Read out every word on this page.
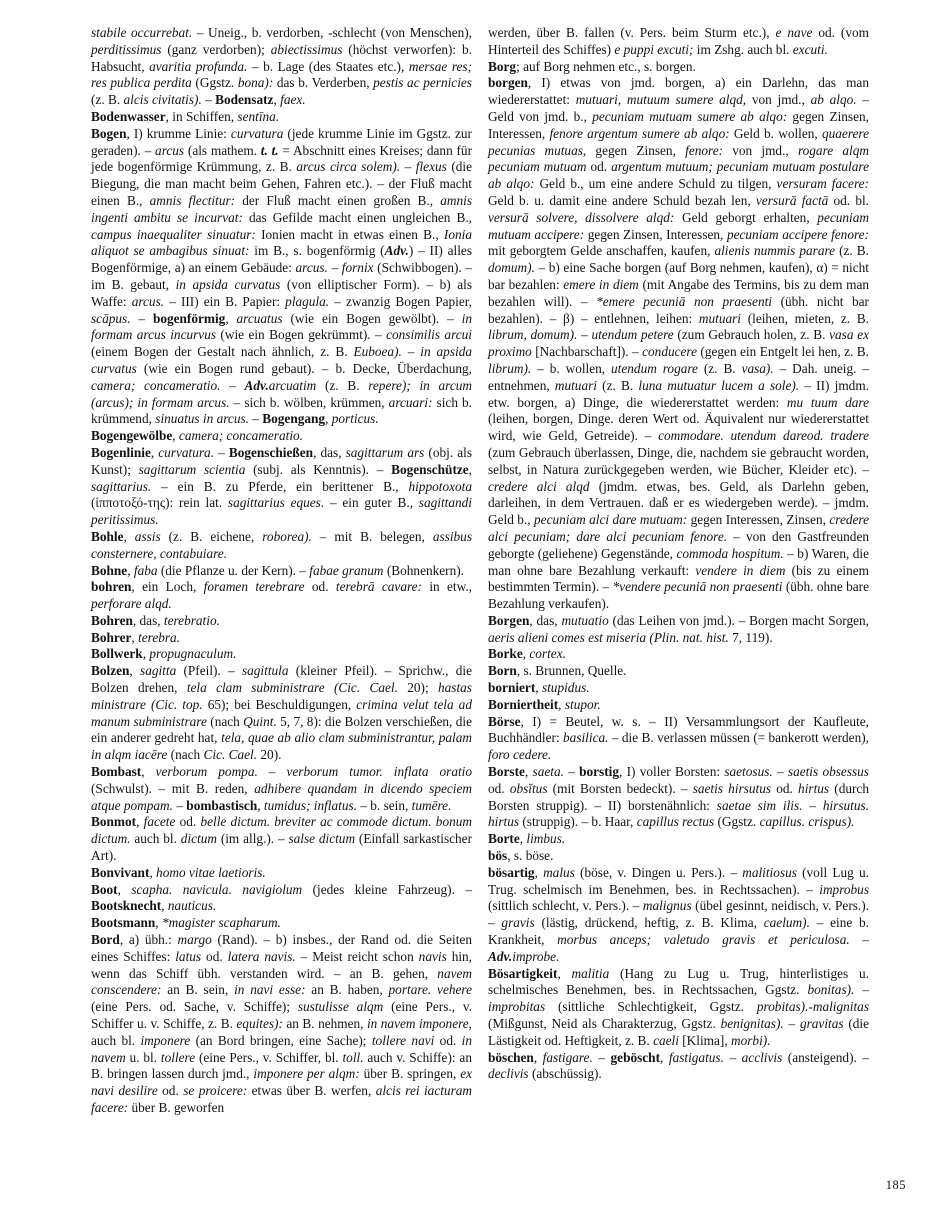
stabile occurrebat. – Uneig., b. verdorben, -schlecht (von Menschen), perditissimus (ganz verdorben); abiectissimus (höchst verworfen): b. Habsucht, avaritia profunda. – b. Lage (des Staates etc.), mersae res; res publica perdita (Ggstz. bona): das b. Verderben, pestis ac pernicies (z. B. alcis civitatis). – Bodensatz, faex.

Bodenwasser, in Schiffen, sentīna.

Bogen, I) krumme Linie: curvatura (jede krumme Linie im Ggstz. zur geraden). – arcus (als mathem. t. t. = Abschnitt eines Kreises; dann für jede bogenförmige Krümmung, z. B. arcus circa solem). – flexus (die Biegung, die man macht beim Gehen, Fahren etc.). – der Fluß macht einen B., amnis flectitur: der Fluß macht einen großen B., amnis ingenti ambitu se incurvat: das Gefilde macht einen ungleichen B., campus inaequaliter sinuatur: Ionien macht in etwas einen B., Ionia aliquot se ambagibus sinuat: im B., s. bogenförmig (Adv.) – II) alles Bogenförmige, a) an einem Gebäude: arcus. – fornix (Schwibbogen). – im B. gebaut, in apsida curvatus (von elliptischer Form). – b) als Waffe: arcus. – III) ein B. Papier: plagula. – zwanzig Bogen Papier, scāpus. – bogenförmig, arcuatus (wie ein Bogen gewölbt). – in formam arcus incurvus (wie ein Bogen gekrümmt). – consimilis arcui (einem Bogen der Gestalt nach ähnlich, z. B. Euboea). – in apsida curvatus (wie ein Bogen rund gebaut). – b. Decke, Überdachung, camera; concameratio. – Adv.arcuatim (z. B. repere); in arcum (arcus); in formam arcus. – sich b. wölben, krümmen, arcuari: sich b. krümmend, sinuatus in arcus. – Bogengang, porticus.

Bogengewölbe, camera; concameratio.

Bogenlinie, curvatura. – Bogenschießen, das, sagittarum ars (obj. als Kunst); sagittarum scientia (subj. als Kenntnis). – Bogenschütze, sagittarius. – ein B. zu Pferde, ein berittener B., hippotoxota (ἱπποτοξό-της): rein lat. sagittarius eques. – ein guter B., sagittandi peritissimus.

Bohle, assis (z. B. eichene, roborea). – mit B. belegen, assibus consternere, contabuiare.

Bohne, faba (die Pflanze u. der Kern). – fabae granum (Bohnenkern).

bohren, ein Loch, foramen terebrare od. terebrā cavare: in etw., perforare alqd.

Bohren, das, terebratio.

Bohrer, terebra.

Bollwerk, propugnaculum.

Bolzen, sagitta (Pfeil). – sagittula (kleiner Pfeil). – Sprichw., die Bolzen drehen, tela clam subministrare (Cic. Cael. 20); hastas ministrare (Cic. top. 65); bei Beschuldigungen, crimina velut tela ad manum subministrare (nach Quint. 5, 7, 8): die Bolzen verschießen, die ein anderer gedreht hat, tela, quae ab alio clam subministrantur, palam in alqm iacēre (nach Cic. Cael. 20).

Bombast, verborum pompa. – verborum tumor. inflata oratio (Schwulst). – mit B. reden, adhibere quandam in dicendo speciem atque pompam. – bombastisch, tumidus; inflatus. – b. sein, tumēre.

Bonmot, facete od. belle dictum. breviter ac commode dictum. bonum dictum. auch bl. dictum (im allg.). – salse dictum (Einfall sarkastischer Art).

Bonvivant, homo vitae laetioris.

Boot, scapha. navicula. navigiolum (jedes kleine Fahrzeug). – Bootsknecht, nauticus.

Bootsmann, *magister scapharum.

Bord, a) übh.: margo (Rand). – b) insbes., der Rand od. die Seiten eines Schiffes: latus od. latera navis. – Meist reicht schon navis hin, wenn das Schiff übh. verstanden wird. – an B. gehen, navem conscendere: an B. sein, in navi esse: an B. haben, portare. vehere (eine Pers. od. Sache, v. Schiffe); sustulisse alqm (eine Pers., v. Schiffer u. v. Schiffe, z. B. equites): an B. nehmen, in navem imponere, auch bl. imponere (an Bord bringen, eine Sache); tollere navi od. in navem u. bl. tollere (eine Pers., v. Schiffer, bl. toll. auch v. Schiffe): an B. bringen lassen durch jmd., imponere per alqm: über B. springen, ex navi desilire od. se proicere: etwas über B. werfen, alcis rei iacturam facere: über B. geworfen

werden, über B. fallen (v. Pers. beim Sturm etc.), e nave od. (vom Hinterteil des Schiffes) e puppi excuti; im Zshg. auch bl. excuti.

Borg; auf Borg nehmen etc., s. borgen.

borgen, I) etwas von jmd. borgen, a) ein Darlehn, das man wiedererstattet: mutuari, mutuum sumere alqd, von jmd., ab alqo. – Geld von jmd. b., pecuniam mutuam sumere ab alqo: gegen Zinsen, Interessen, fenore argentum sumere ab alqo: Geld b. wollen, quaerere pecunias mutuas, gegen Zinsen, fenore: von jmd., rogare alqm pecuniam mutuam od. argentum mutuum; pecuniam mutuam postulare ab alqo: Geld b., um eine andere Schuld zu tilgen, versuram facere: Geld b. u. damit eine andere Schuld bezah len, versurā factā od. bl. versurā solvere, dissolvere alqd: Geld geborgt erhalten, pecuniam mutuam accipere: gegen Zinsen, Interessen, pecuniam accipere fenore: mit geborgtem Gelde anschaffen, kaufen, alienis nummis parare (z. B. domum). – b) eine Sache borgen (auf Borg nehmen, kaufen), α) = nicht bar bezahlen: emere in diem (mit Angabe des Termins, bis zu dem man bezahlen will). – *emere pecuniā non praesenti (übh. nicht bar bezahlen). – β) – entlehnen, leihen: mutuari (leihen, mieten, z. B. librum, domum). – utendum petere (zum Gebrauch holen, z. B. vasa ex proximo [Nachbarschaft]). – conducere (gegen ein Entgelt lei hen, z. B. librum). – b. wollen, utendum rogare (z. B. vasa). – Dah. uneig. – entnehmen, mutuari (z. B. luna mutuatur lucem a sole). – II) jmdm. etw. borgen, a) Dinge, die wiedererstattet werden: mu tuum dare (leihen, borgen, Dinge. deren Wert od. Äquivalent nur wiedererstattet wird, wie Geld, Getreide). – commodare. utendum dareod. tradere (zum Gebrauch überlassen, Dinge, die, nachdem sie gebraucht worden, selbst, in Natura zurückgegeben werden, wie Bücher, Kleider etc). – credere alci alqd (jmdm. etwas, bes. Geld, als Darlehn geben, darleihen, in dem Vertrauen. daß er es wiedergeben werde). – jmdm. Geld b., pecuniam alci dare mutuam: gegen Interessen, Zinsen, credere alci pecuniam; dare alci pecuniam fenore. – von den Gastfreunden geborgte (geliehene) Gegenstände, commoda hospitum. – b) Waren, die man ohne bare Bezahlung verkauft: vendere in diem (bis zu einem bestimmten Termin). – *vendere pecuniā non praesenti (übh. ohne bare Bezahlung verkaufen).

Borgen, das, mutuatio (das Leihen von jmd.). – Borgen macht Sorgen, aeris alieni comes est miseria (Plin. nat. hist. 7, 119).

Borke, cortex.

Born, s. Brunnen, Quelle.

borniert, stupidus.

Borniertheit, stupor.

Börse, I) = Beutel, w. s. – II) Versammlungsort der Kaufleute, Buchhändler: basilica. – die B. verlassen müssen (= bankerott werden), foro cedere.

Borste, saeta. – borstig, I) voller Borsten: saetosus. – saetis obsessus od. obsĭtus (mit Borsten bedeckt). – saetis hirsutus od. hirtus (durch Borsten struppig). – II) borstenähnlich: saetae sim ilis. – hirsutus. hirtus (struppig). – b. Haar, capillus rectus (Ggstz. capillus. crispus).

Borte, limbus.

bös, s. böse.

bösartig, malus (böse, v. Dingen u. Pers.). – malitiosus (voll Lug u. Trug. schelmisch im Benehmen, bes. in Rechtssachen). – improbus (sittlich schlecht, v. Pers.). – malignus (übel gesinnt, neidisch, v. Pers.). – gravis (lästig, drückend, heftig, z. B. Klima, caelum). – eine b. Krankheit, morbus anceps; valetudo gravis et periculosa. – Adv.improbe.

Bösartigkeit, malitia (Hang zu Lug u. Trug, hinterlistiges u. schelmisches Benehmen, bes. in Rechtssachen, Ggstz. bonitas). – improbitas (sittliche Schlechtigkeit, Ggstz. probitas).-malignitas (Mißgunst, Neid als Charakterzug, Ggstz. benignitas). – gravitas (die Lästigkeit od. Heftigkeit, z. B. caeli [Klima], morbi).

böschen, fastigare. – geböscht, fastigatus. – acclivis (ansteigend). – declivis (abschüssig).

185
